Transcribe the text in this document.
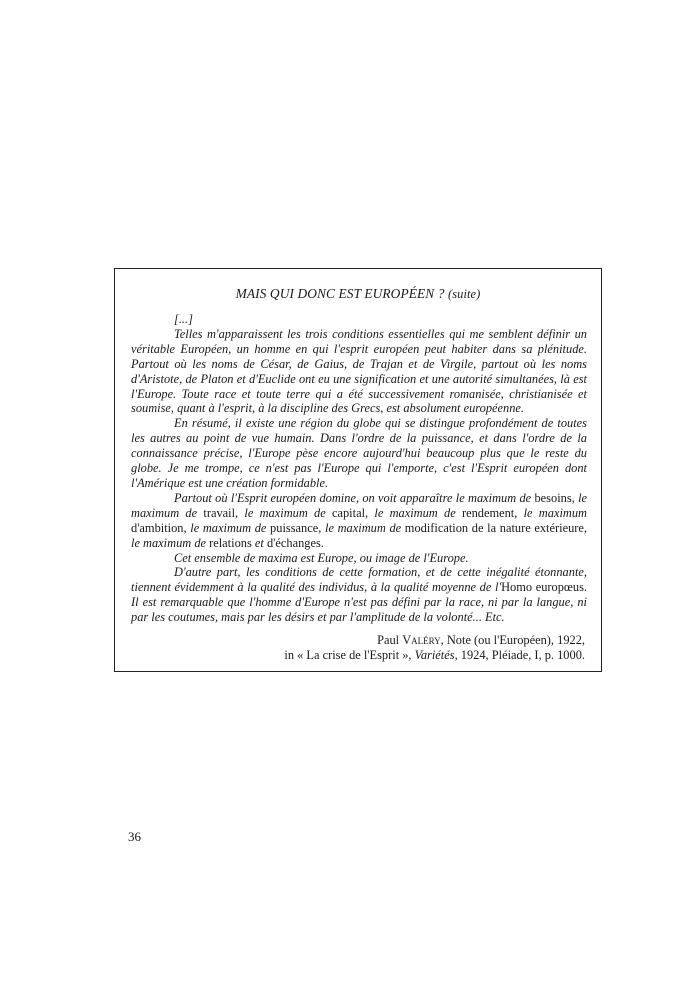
MAIS QUI DONC EST EUROPÉEN ? (suite)

[...]

Telles m'apparaissent les trois conditions essentielles qui me semblent définir un véritable Européen, un homme en qui l'esprit européen peut habiter dans sa plénitude. Partout où les noms de César, de Gaius, de Trajan et de Virgile, partout où les noms d'Aristote, de Platon et d'Euclide ont eu une signification et une autorité simultanées, là est l'Europe. Toute race et toute terre qui a été successivement romanisée, christianisée et soumise, quant à l'esprit, à la discipline des Grecs, est absolument européenne.

En résumé, il existe une région du globe qui se distingue profondément de toutes les autres au point de vue humain. Dans l'ordre de la puissance, et dans l'ordre de la connaissance précise, l'Europe pèse encore aujourd'hui beaucoup plus que le reste du globe. Je me trompe, ce n'est pas l'Europe qui l'emporte, c'est l'Esprit européen dont l'Amérique est une création formidable.

Partout où l'Esprit européen domine, on voit apparaître le maximum de besoins, le maximum de travail, le maximum de capital, le maximum de rendement, le maximum d'ambition, le maximum de puissance, le maximum de modification de la nature extérieure, le maximum de relations et d'échanges.

Cet ensemble de maxima est Europe, ou image de l'Europe.

D'autre part, les conditions de cette formation, et de cette inégalité étonnante, tiennent évidemment à la qualité des individus, à la qualité moyenne de l'Homo europœus. Il est remarquable que l'homme d'Europe n'est pas défini par la race, ni par la langue, ni par les coutumes, mais par les désirs et par l'amplitude de la volonté... Etc.

Paul Valéry, Note (ou l'Européen), 1922,
in « La crise de l'Esprit », Variétés, 1924, Pléiade, I, p. 1000.
36
